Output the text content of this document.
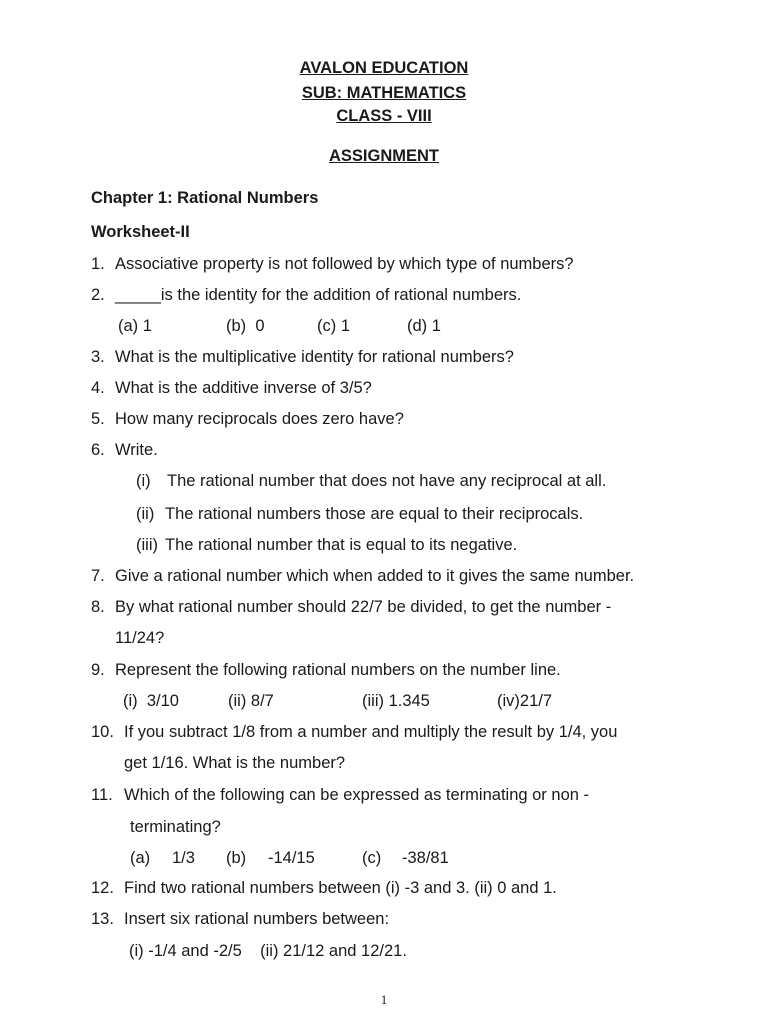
AVALON EDUCATION
SUB: MATHEMATICS
CLASS - VIII
ASSIGNMENT
Chapter 1: Rational Numbers
Worksheet-II
1. Associative property is not followed by which type of numbers?
2. _____is the identity for the addition of rational numbers.
(a) 1	(b)  0	(c) 1	(d) 1
3. What is the multiplicative identity for rational numbers?
4. What is the additive inverse of 3/5?
5. How many reciprocals does zero have?
6. Write.
(i) The rational number that does not have any reciprocal at all.
(ii) The rational numbers those are equal to their reciprocals.
(iii) The rational number that is equal to its negative.
7. Give a rational number which when added to it gives the same number.
8. By what rational number should 22/7 be divided, to get the number -
11/24?
9. Represent the following rational numbers on the number line.
(i)  3/10	(ii) 8/7	(iii) 1.345	(iv)21/7
10. If you subtract 1/8 from a number and multiply the result by 1/4, you
get 1/16. What is the number?
11. Which of the following can be expressed as terminating or non -
terminating?
(a) 1/3 (b) -14/15	(c) -38/81
12. Find two rational numbers between (i) -3 and 3. (ii) 0 and 1.
13. Insert six rational numbers between:
(i) -1/4 and -2/5    (ii) 21/12 and 12/21.
1
